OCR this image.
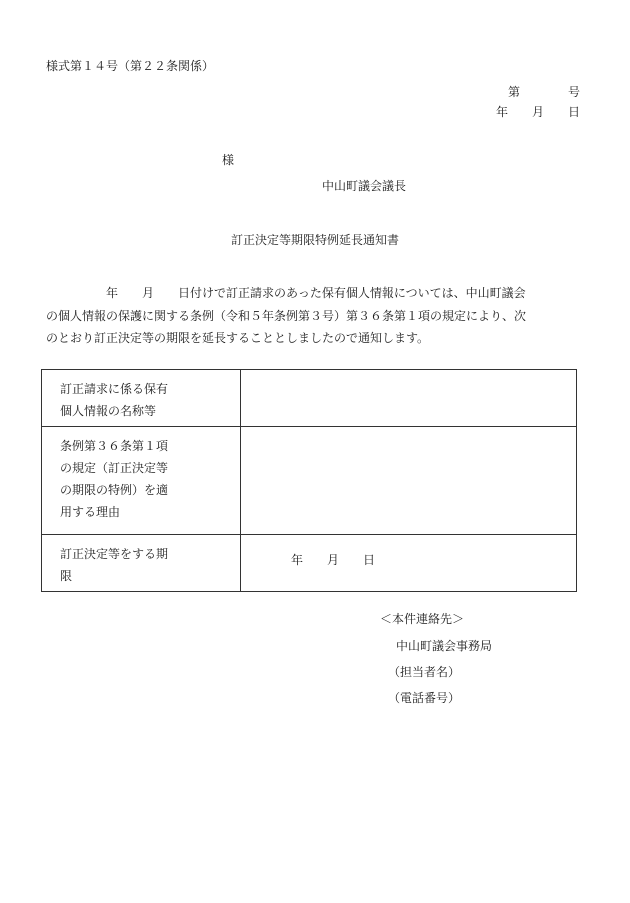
様式第１４号（第２２条関係）
第　　　　号
年　　月　　日
様
中山町議会議長
訂正決定等期限特例延長通知書
　　　　　年　　月　　日付けで訂正請求のあった保有個人情報については、中山町議会
の個人情報の保護に関する条例（令和５年条例第３号）第３６条第１項の規定により、次
のとおり訂正決定等の期限を延長することとしましたので通知します。
訂正請求に係る保有
個人情報の名称等	
条例第３６条第１項
の規定（訂正決定等
の期限の特例）を適
用する理由	
訂正決定等をする期
限	年　　月　　日
＜本件連絡先＞
中山町議会事務局
（担当者名）
（電話番号）
